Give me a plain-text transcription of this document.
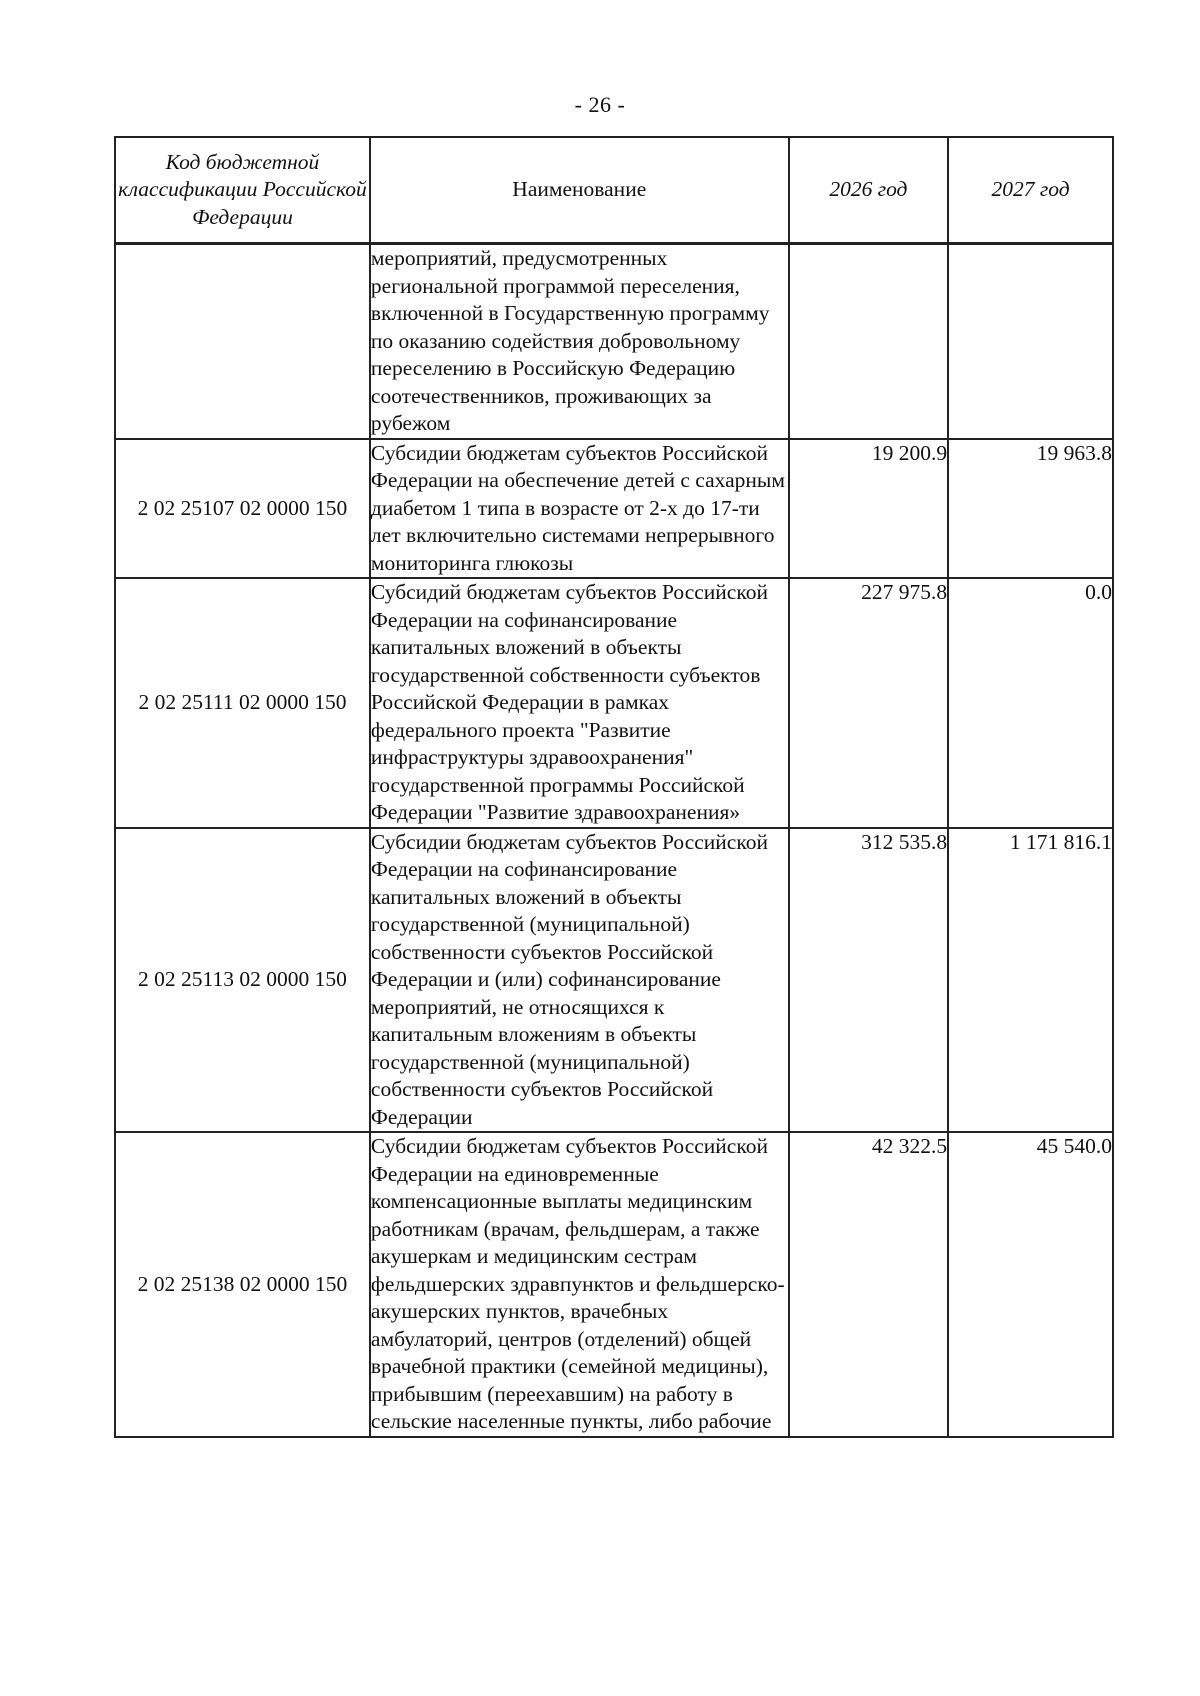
- 26 -
Код бюджетной классификации Российской Федерации	Наименование	2026 год	2027 год
	мероприятий, предусмотренных региональной программой переселения, включенной в Государственную программу по оказанию содействия добровольному переселению в Российскую Федерацию соотечественников, проживающих за рубежом		
2 02 25107 02 0000 150	Субсидии бюджетам субъектов Российской Федерации на обеспечение детей с сахарным диабетом 1 типа в возрасте от 2-х до 17-ти лет включительно системами непрерывного мониторинга глюкозы	19 200.9	19 963.8
2 02 25111 02 0000 150	Субсидий бюджетам субъектов Российской Федерации на софинансирование капитальных вложений в объекты государственной собственности субъектов Российской Федерации в рамках федерального проекта "Развитие инфраструктуры здравоохранения" государственной программы Российской Федерации "Развитие здравоохранения»	227 975.8	0.0
2 02 25113 02 0000 150	Субсидии бюджетам субъектов Российской Федерации на софинансирование капитальных вложений в объекты государственной (муниципальной) собственности субъектов Российской Федерации и (или) софинансирование мероприятий, не относящихся к капитальным вложениям в объекты государственной (муниципальной) собственности субъектов Российской Федерации	312 535.8	1 171 816.1
2 02 25138 02 0000 150	Субсидии бюджетам субъектов Российской Федерации на единовременные компенсационные выплаты медицинским работникам (врачам, фельдшерам, а также акушеркам и медицинским сестрам фельдшерских здравпунктов и фельдшерско-акушерских пунктов, врачебных амбулаторий, центров (отделений) общей врачебной практики (семейной медицины), прибывшим (переехавшим) на работу в сельские населенные пункты, либо рабочие	42 322.5	45 540.0
